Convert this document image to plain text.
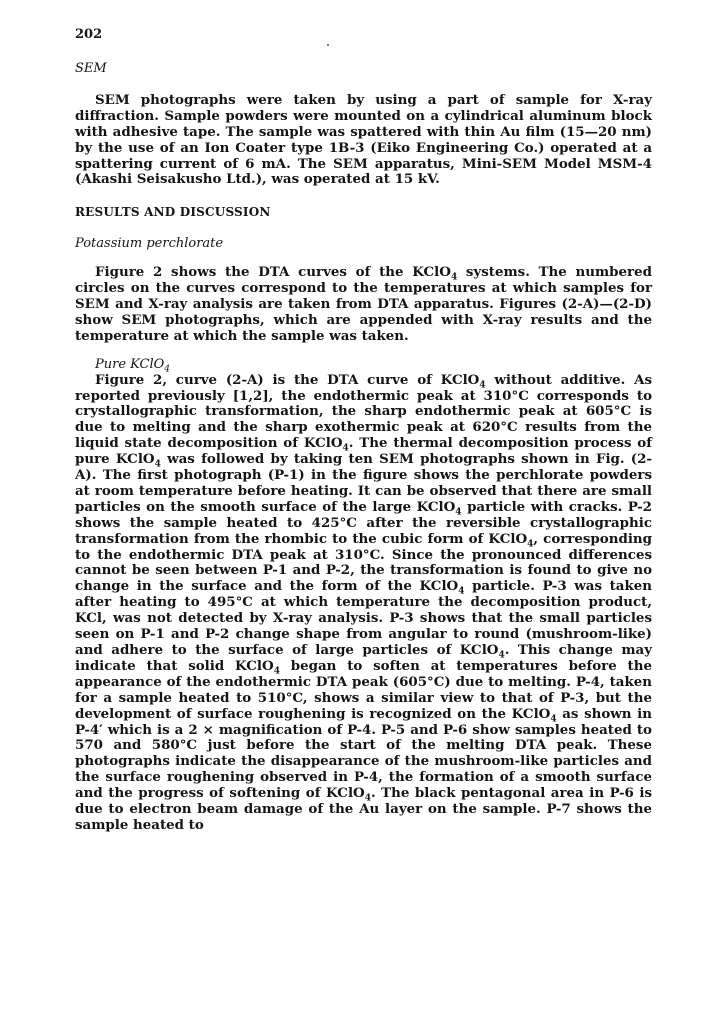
202
SEM

SEM photographs were taken by using a part of sample for X-ray diffraction. Sample powders were mounted on a cylindrical aluminum block with adhesive tape. The sample was spattered with thin Au film (15—20 nm) by the use of an Ion Coater type 1B-3 (Eiko Engineering Co.) operated at a spattering current of 6 mA. The SEM apparatus, Mini-SEM Model MSM-4 (Akashi Seisakusho Ltd.), was operated at 15 kV.

RESULTS AND DISCUSSION
Potassium perchlorate

Figure 2 shows the DTA curves of the KClO$_4$ systems. The numbered circles on the curves correspond to the temperatures at which samples for SEM and X-ray analysis are taken from DTA apparatus. Figures (2-A)—(2-D) show SEM photographs, which are appended with X-ray results and the temperature at which the sample was taken.

Pure KClO$_4$

Figure 2, curve (2-A) is the DTA curve of KClO$_4$ without additive. As reported previously [1,2], the endothermic peak at 310°C corresponds to crystallographic transformation, the sharp endothermic peak at 605°C is due to melting and the sharp exothermic peak at 620°C results from the liquid state decomposition of KClO$_4$. The thermal decomposition process of pure KClO$_4$ was followed by taking ten SEM photographs shown in Fig. (2-A). The first photograph (P-1) in the figure shows the perchlorate powders at room temperature before heating. It can be observed that there are small particles on the smooth surface of the large KClO$_4$ particle with cracks. P-2 shows the sample heated to 425°C after the reversible crystallographic transformation from the rhombic to the cubic form of KClO$_4$, corresponding to the endothermic DTA peak at 310°C. Since the pronounced differences cannot be seen between P-1 and P-2, the transformation is found to give no change in the surface and the form of the KClO$_4$ particle. P-3 was taken after heating to 495°C at which temperature the decomposition product, KCl, was not detected by X-ray analysis. P-3 shows that the small particles seen on P-1 and P-2 change shape from angular to round (mushroom-like) and adhere to the surface of large particles of KClO$_4$. This change may indicate that solid KClO$_4$ began to soften at temperatures before the appearance of the endothermic DTA peak (605°C) due to melting. P-4, taken for a sample heated to 510°C, shows a similar view to that of P-3, but the development of surface roughening is recognized on the KClO$_4$ as shown in P-4′ which is a 2 × magnification of P-4. P-5 and P-6 show samples heated to 570 and 580°C just before the start of the melting DTA peak. These photographs indicate the disappearance of the mushroom-like particles and the surface roughening observed in P-4, the formation of a smooth surface and the progress of softening of KClO$_4$. The black pentagonal area in P-6 is due to electron beam damage of the Au layer on the sample. P-7 shows the sample heated to
